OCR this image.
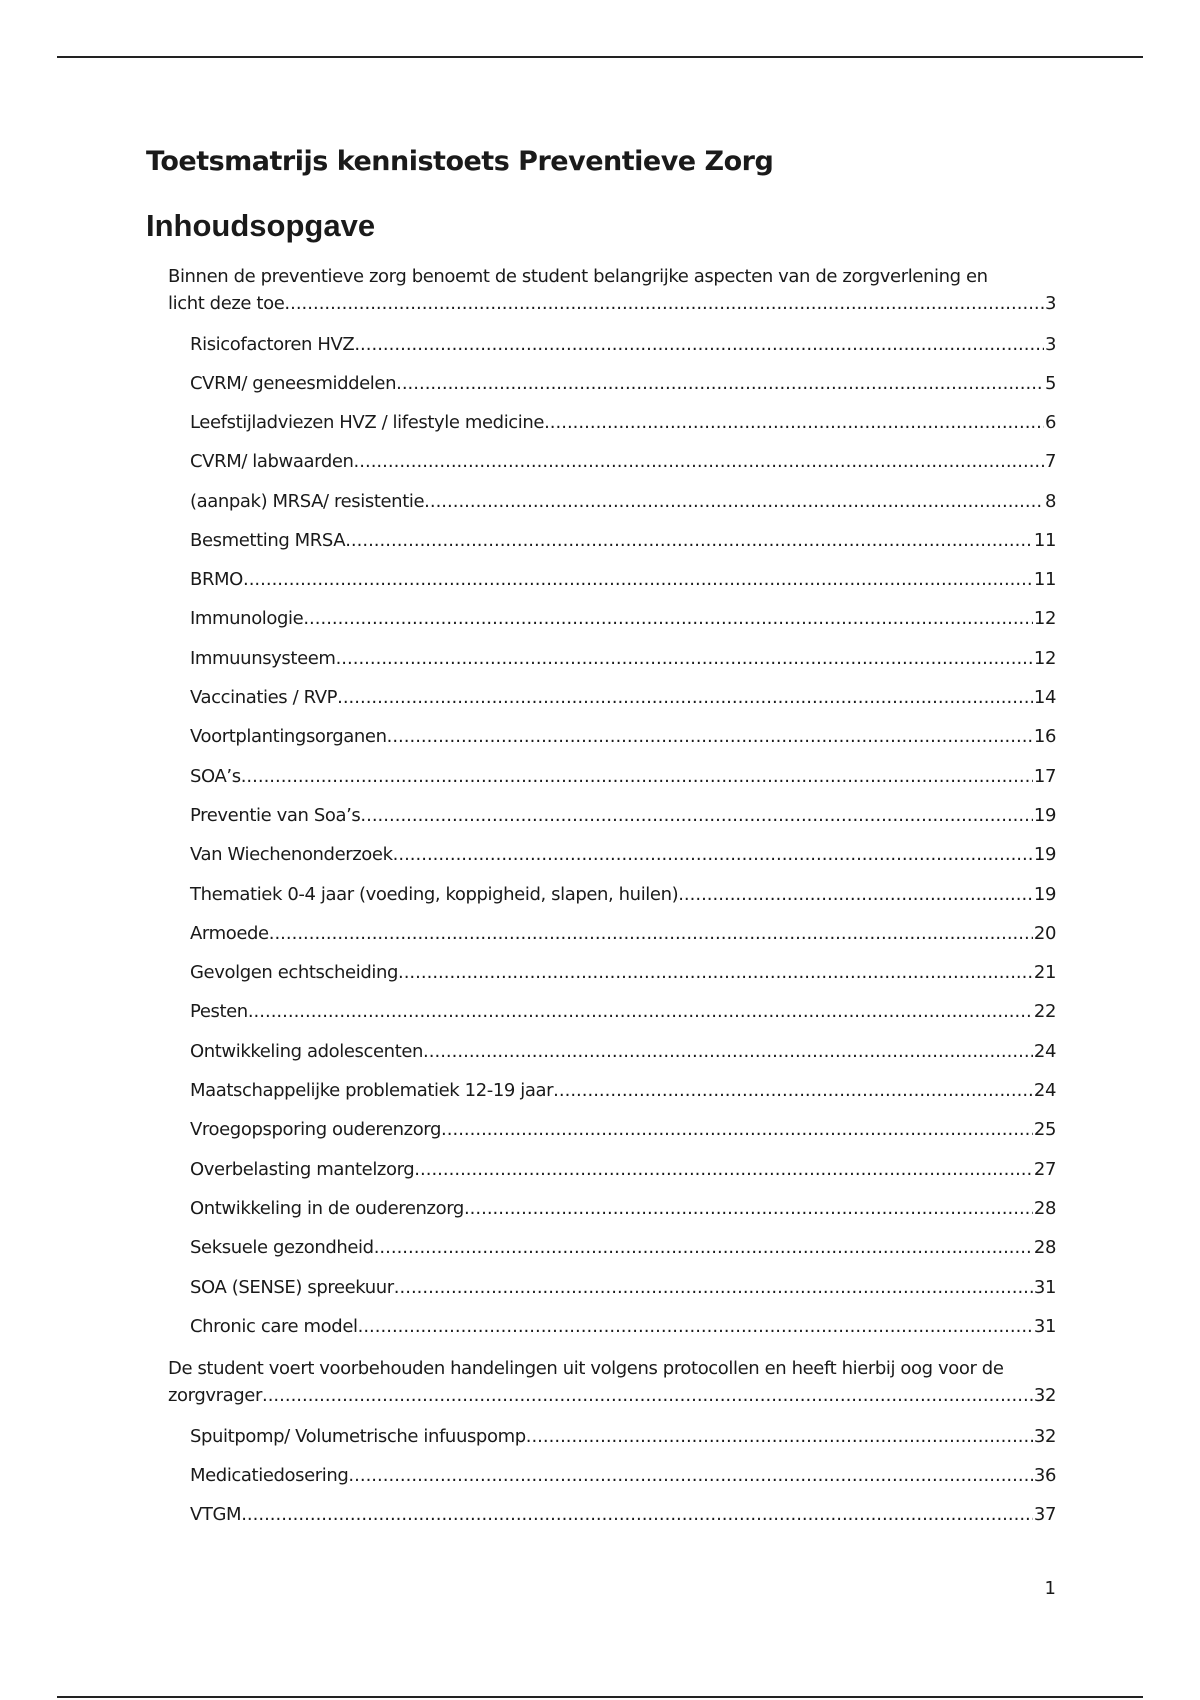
Toetsmatrijs kennistoets Preventieve Zorg
Inhoudsopgave
Binnen de preventieve zorg benoemt de student belangrijke aspecten van de zorgverlening en
licht deze toe .....	3
Risicofactoren HVZ .....	3
CVRM/ geneesmiddelen .....	5
Leefstijladviezen HVZ / lifestyle medicine .....	6
CVRM/ labwaarden .....	7
(aanpak) MRSA/ resistentie .....	8
Besmetting MRSA .....	11
BRMO .....	11
Immunologie .....	12
Immuunsysteem .....	12
Vaccinaties / RVP .....	14
Voortplantingsorganen .....	16
SOA’s .....	17
Preventie van Soa’s .....	19
Van Wiechenonderzoek .....	19
Thematiek 0-4 jaar (voeding, koppigheid, slapen, huilen) .....	19
Armoede .....	20
Gevolgen echtscheiding .....	21
Pesten .....	22
Ontwikkeling adolescenten .....	24
Maatschappelijke problematiek 12-19 jaar .....	24
Vroegopsporing ouderenzorg .....	25
Overbelasting mantelzorg .....	27
Ontwikkeling in de ouderenzorg .....	28
Seksuele gezondheid .....	28
SOA (SENSE) spreekuur .....	31
Chronic care model .....	31
De student voert voorbehouden handelingen uit volgens protocollen en heeft hierbij oog voor de
zorgvrager .....	32
Spuitpomp/ Volumetrische infuuspomp .....	32
Medicatiedosering .....	36
VTGM .....	37
1
